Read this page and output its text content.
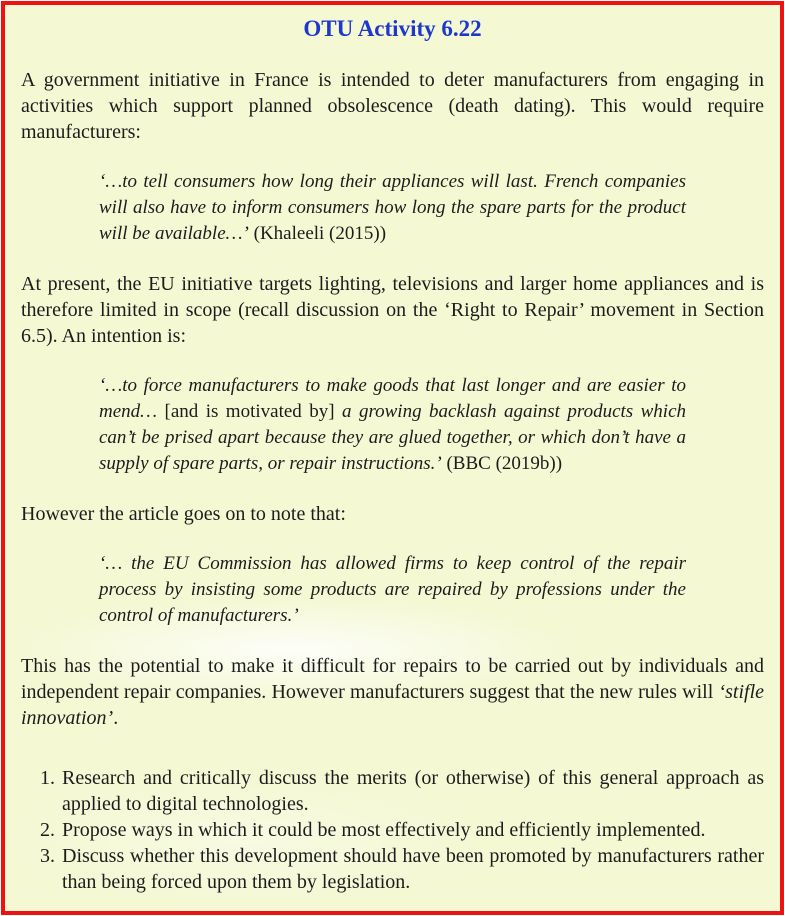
OTU Activity 6.22

A government initiative in France is intended to deter manufacturers from engaging in activities which support planned obsolescence (death dating). This would require manufacturers:

‘…to tell consumers how long their appliances will last. French companies will also have to inform consumers how long the spare parts for the product will be available…’ (Khaleeli (2015))

At present, the EU initiative targets lighting, televisions and larger home appliances and is therefore limited in scope (recall discussion on the ‘Right to Repair’ movement in Section 6.5). An intention is:

‘…to force manufacturers to make goods that last longer and are easier to mend… [and is motivated by] a growing backlash against products which can’t be prised apart because they are glued together, or which don’t have a supply of spare parts, or repair instructions.’ (BBC (2019b))

However the article goes on to note that:

‘… the EU Commission has allowed firms to keep control of the repair process by insisting some products are repaired by professions under the control of manufacturers.’

This has the potential to make it difficult for repairs to be carried out by individuals and independent repair companies. However manufacturers suggest that the new rules will ‘stifle innovation’.

1. Research and critically discuss the merits (or otherwise) of this general approach as applied to digital technologies.
2. Propose ways in which it could be most effectively and efficiently implemented.
3. Discuss whether this development should have been promoted by manufacturers rather than being forced upon them by legislation.
